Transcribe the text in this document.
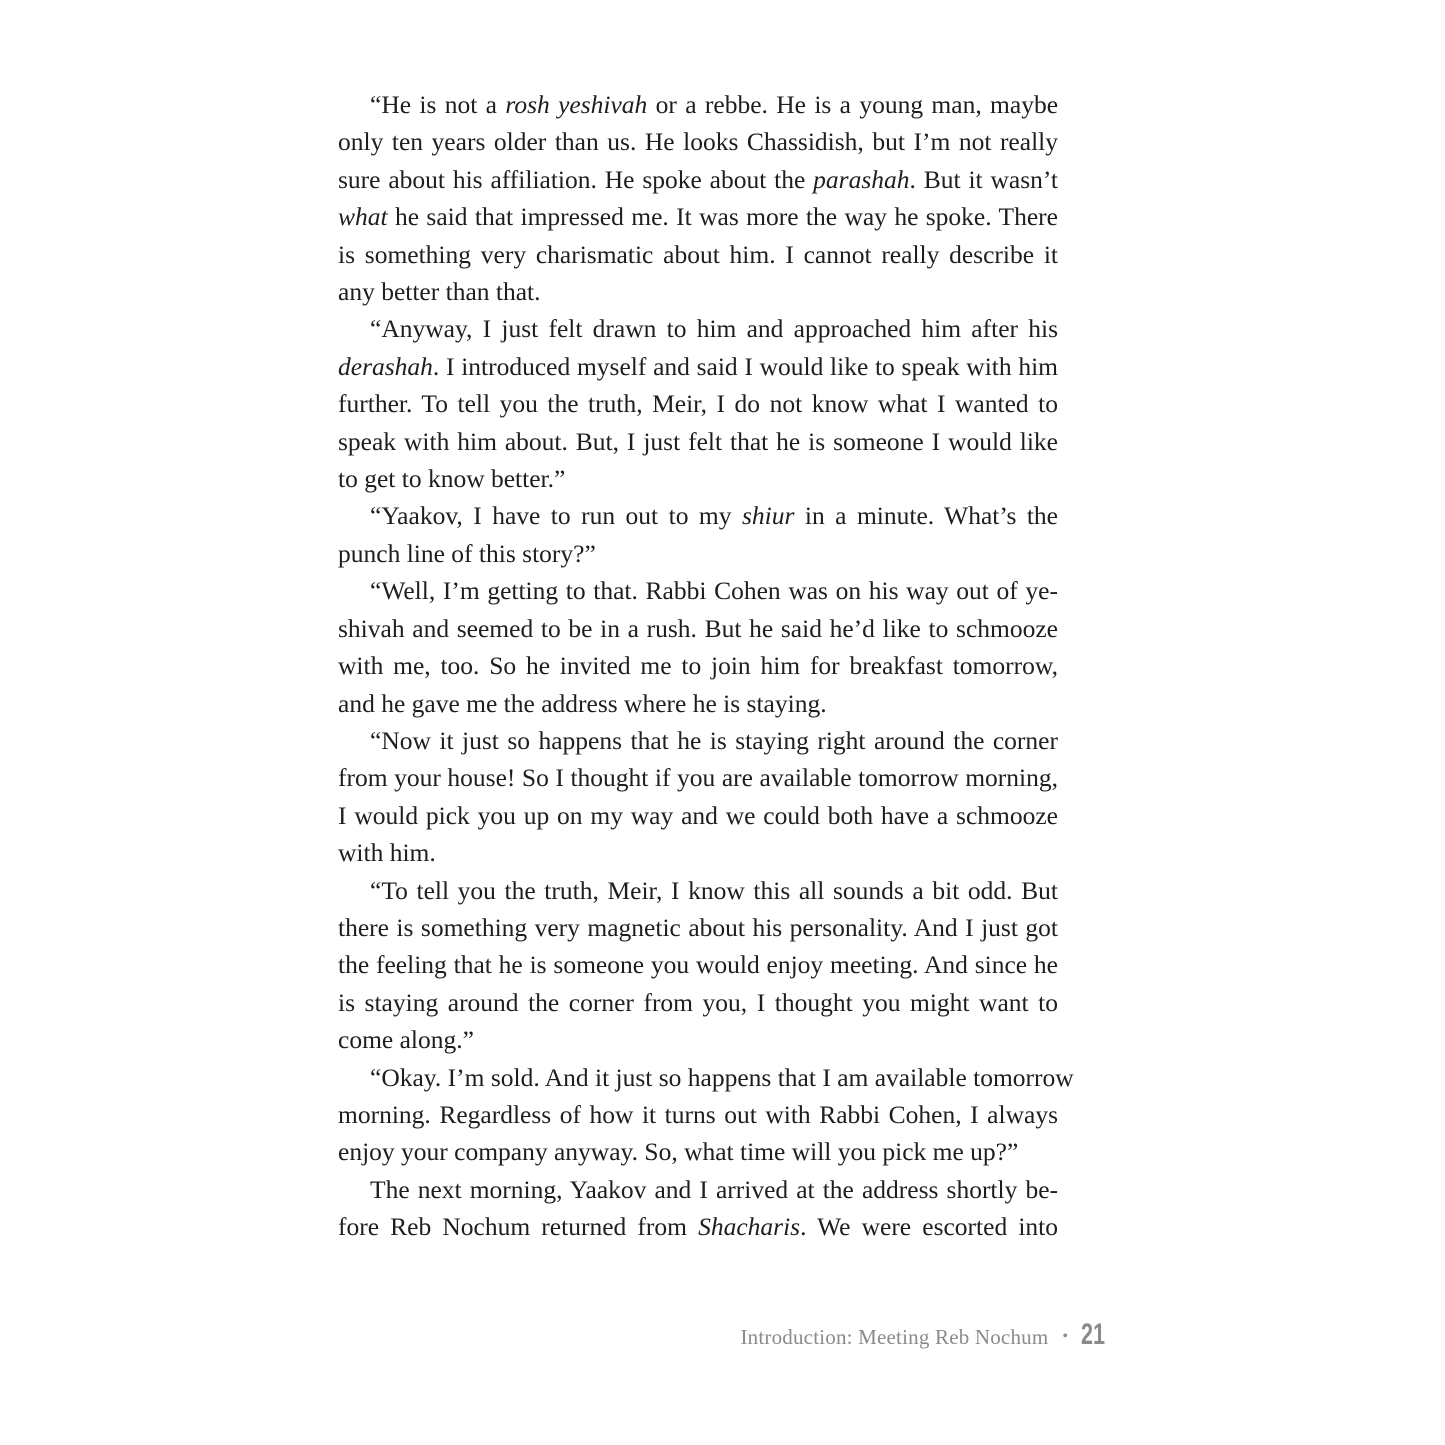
“He is not a rosh yeshivah or a rebbe. He is a young man, maybe
only ten years older than us. He looks Chassidish, but I’m not really
sure about his affiliation. He spoke about the parashah. But it wasn’t
what he said that impressed me. It was more the way he spoke. There
is something very charismatic about him. I cannot really describe it
any better than that.

“Anyway, I just felt drawn to him and approached him after his
derashah. I introduced myself and said I would like to speak with him
further. To tell you the truth, Meir, I do not know what I wanted to
speak with him about. But, I just felt that he is someone I would like
to get to know better.”

“Yaakov, I have to run out to my shiur in a minute. What’s the
punch line of this story?”

“Well, I’m getting to that. Rabbi Cohen was on his way out of ye-
shivah and seemed to be in a rush. But he said he’d like to schmooze
with me, too. So he invited me to join him for breakfast tomorrow,
and he gave me the address where he is staying.

“Now it just so happens that he is staying right around the corner
from your house! So I thought if you are available tomorrow morning,
I would pick you up on my way and we could both have a schmooze
with him.

“To tell you the truth, Meir, I know this all sounds a bit odd. But
there is something very magnetic about his personality. And I just got
the feeling that he is someone you would enjoy meeting. And since he
is staying around the corner from you, I thought you might want to
come along.”

“Okay. I’m sold. And it just so happens that I am available tomorrow
morning. Regardless of how it turns out with Rabbi Cohen, I always
enjoy your company anyway. So, what time will you pick me up?”

The next morning, Yaakov and I arrived at the address shortly be-
fore Reb Nochum returned from Shacharis. We were escorted into

Introduction: Meeting Reb Nochum • 21
